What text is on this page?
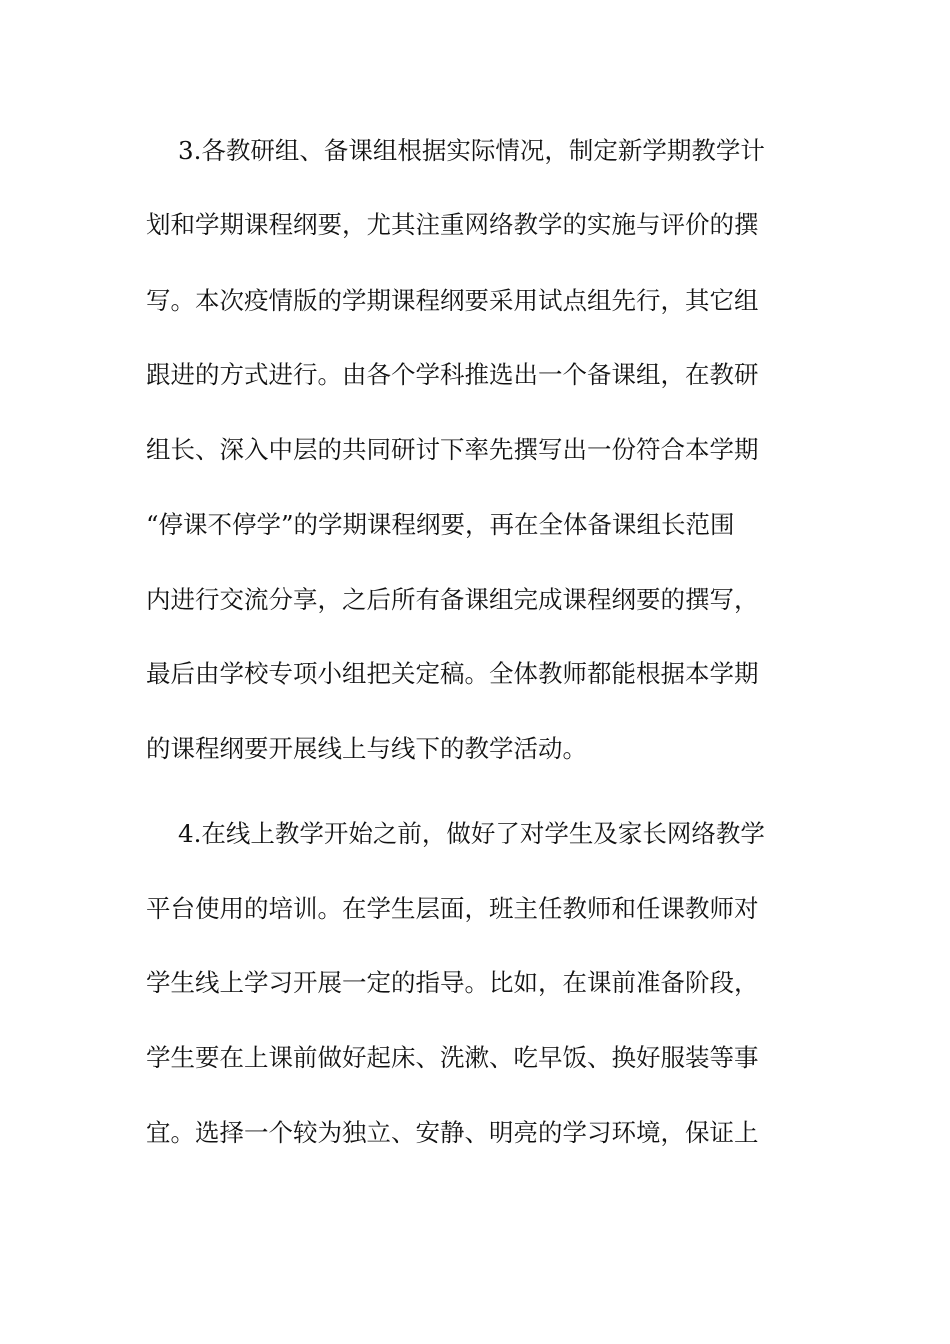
3.各教研组、备课组根据实际情况，制定新学期教学计
划和学期课程纲要，尤其注重网络教学的实施与评价的撰
写。本次疫情版的学期课程纲要采用试点组先行，其它组
跟进的方式进行。由各个学科推选出一个备课组，在教研
组长、深入中层的共同研讨下率先撰写出一份符合本学期
“停课不停学”的学期课程纲要，再在全体备课组长范围
内进行交流分享，之后所有备课组完成课程纲要的撰写，
最后由学校专项小组把关定稿。全体教师都能根据本学期
的课程纲要开展线上与线下的教学活动。
4.在线上教学开始之前，做好了对学生及家长网络教学
平台使用的培训。在学生层面，班主任教师和任课教师对
学生线上学习开展一定的指导。比如，在课前准备阶段，
学生要在上课前做好起床、洗漱、吃早饭、换好服装等事
宜。选择一个较为独立、安静、明亮的学习环境，保证上
